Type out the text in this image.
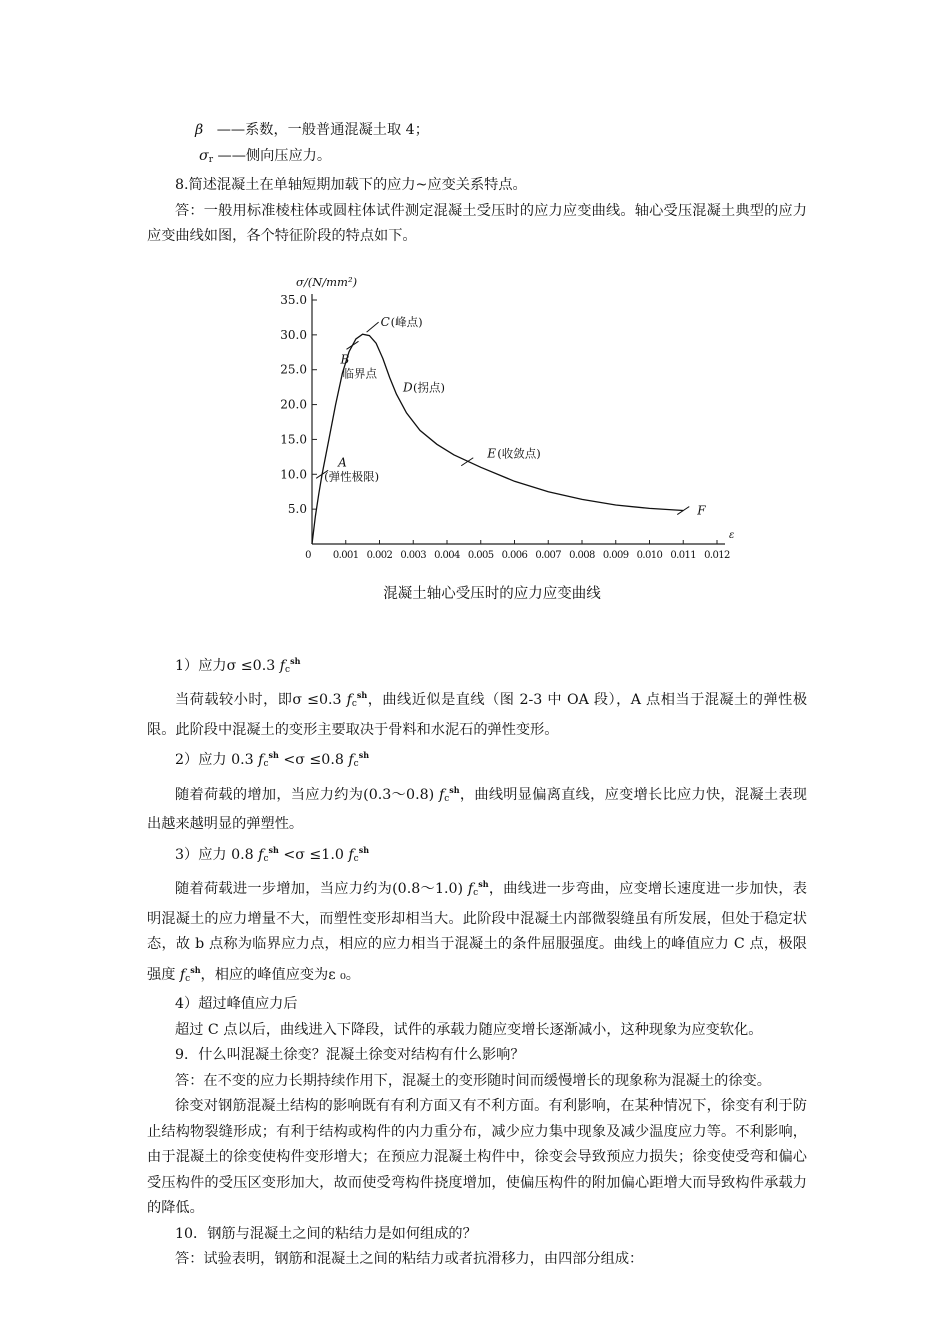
β ——系数，一般普通混凝土取 4；

$\sigma_r$ ——侧向压应力。

8.简述混凝土在单轴短期加载下的应力~应变关系特点。

答：一般用标准棱柱体或圆柱体试件测定混凝土受压时的应力应变曲线。轴心受压混凝土典型的应力应变曲线如图，各个特征阶段的特点如下。

5.0
10.0
15.0
20.0
25.0
30.0
35.0
0 0.001 0.002 0.003 0.004 0.005 0.006 0.007 0.008 0.009 0.010 0.011 0.012
σ/(N/mm²)
ε
A
(弹性极限)
B
临界点
C (峰点)
D (拐点)
E (收敛点)
F
混凝土轴心受压时的应力应变曲线

1）应力σ ≤0.3 $f_c^{sh}$

当荷载较小时，即σ ≤0.3 $f_c^{sh}$，曲线近似是直线（图 2-3 中 OA 段），A 点相当于混凝土的弹性极限。此阶段中混凝土的变形主要取决于骨料和水泥石的弹性变形。

2）应力 0.3 $f_c^{sh} <\sigma \le 0.8$ $f_c^{sh}$

随着荷载的增加，当应力约为(0.3～0.8) $f_c^{sh}$，曲线明显偏离直线，应变增长比应力快，混凝土表现出越来越明显的弹塑性。

3）应力 0.8 $f_c^{sh} <\sigma \le 1.0$ $f_c^{sh}$

随着荷载进一步增加，当应力约为(0.8～1.0) $f_c^{sh}$，曲线进一步弯曲，应变增长速度进一步加快，表明混凝土的应力增量不大，而塑性变形却相当大。此阶段中混凝土内部微裂缝虽有所发展，但处于稳定状态，故 b 点称为临界应力点，相应的应力相当于混凝土的条件屈服强度。曲线上的峰值应力 C 点，极限强度 $f_c^{sh}$，相应的峰值应变为ε ₀。

4）超过峰值应力后

超过 C 点以后，曲线进入下降段，试件的承载力随应变增长逐渐减小，这种现象为应变软化。

9．什么叫混凝土徐变？混凝土徐变对结构有什么影响？

答：在不变的应力长期持续作用下，混凝土的变形随时间而缓慢增长的现象称为混凝土的徐变。

徐变对钢筋混凝土结构的影响既有有利方面又有不利方面。有利影响，在某种情况下，徐变有利于防止结构物裂缝形成；有利于结构或构件的内力重分布，减少应力集中现象及减少温度应力等。不利影响，由于混凝土的徐变使构件变形增大；在预应力混凝土构件中，徐变会导致预应力损失；徐变使受弯和偏心受压构件的受压区变形加大，故而使受弯构件挠度增加，使偏压构件的附加偏心距增大而导致构件承载力的降低。

10．钢筋与混凝土之间的粘结力是如何组成的？

答：试验表明，钢筋和混凝土之间的粘结力或者抗滑移力，由四部分组成：
